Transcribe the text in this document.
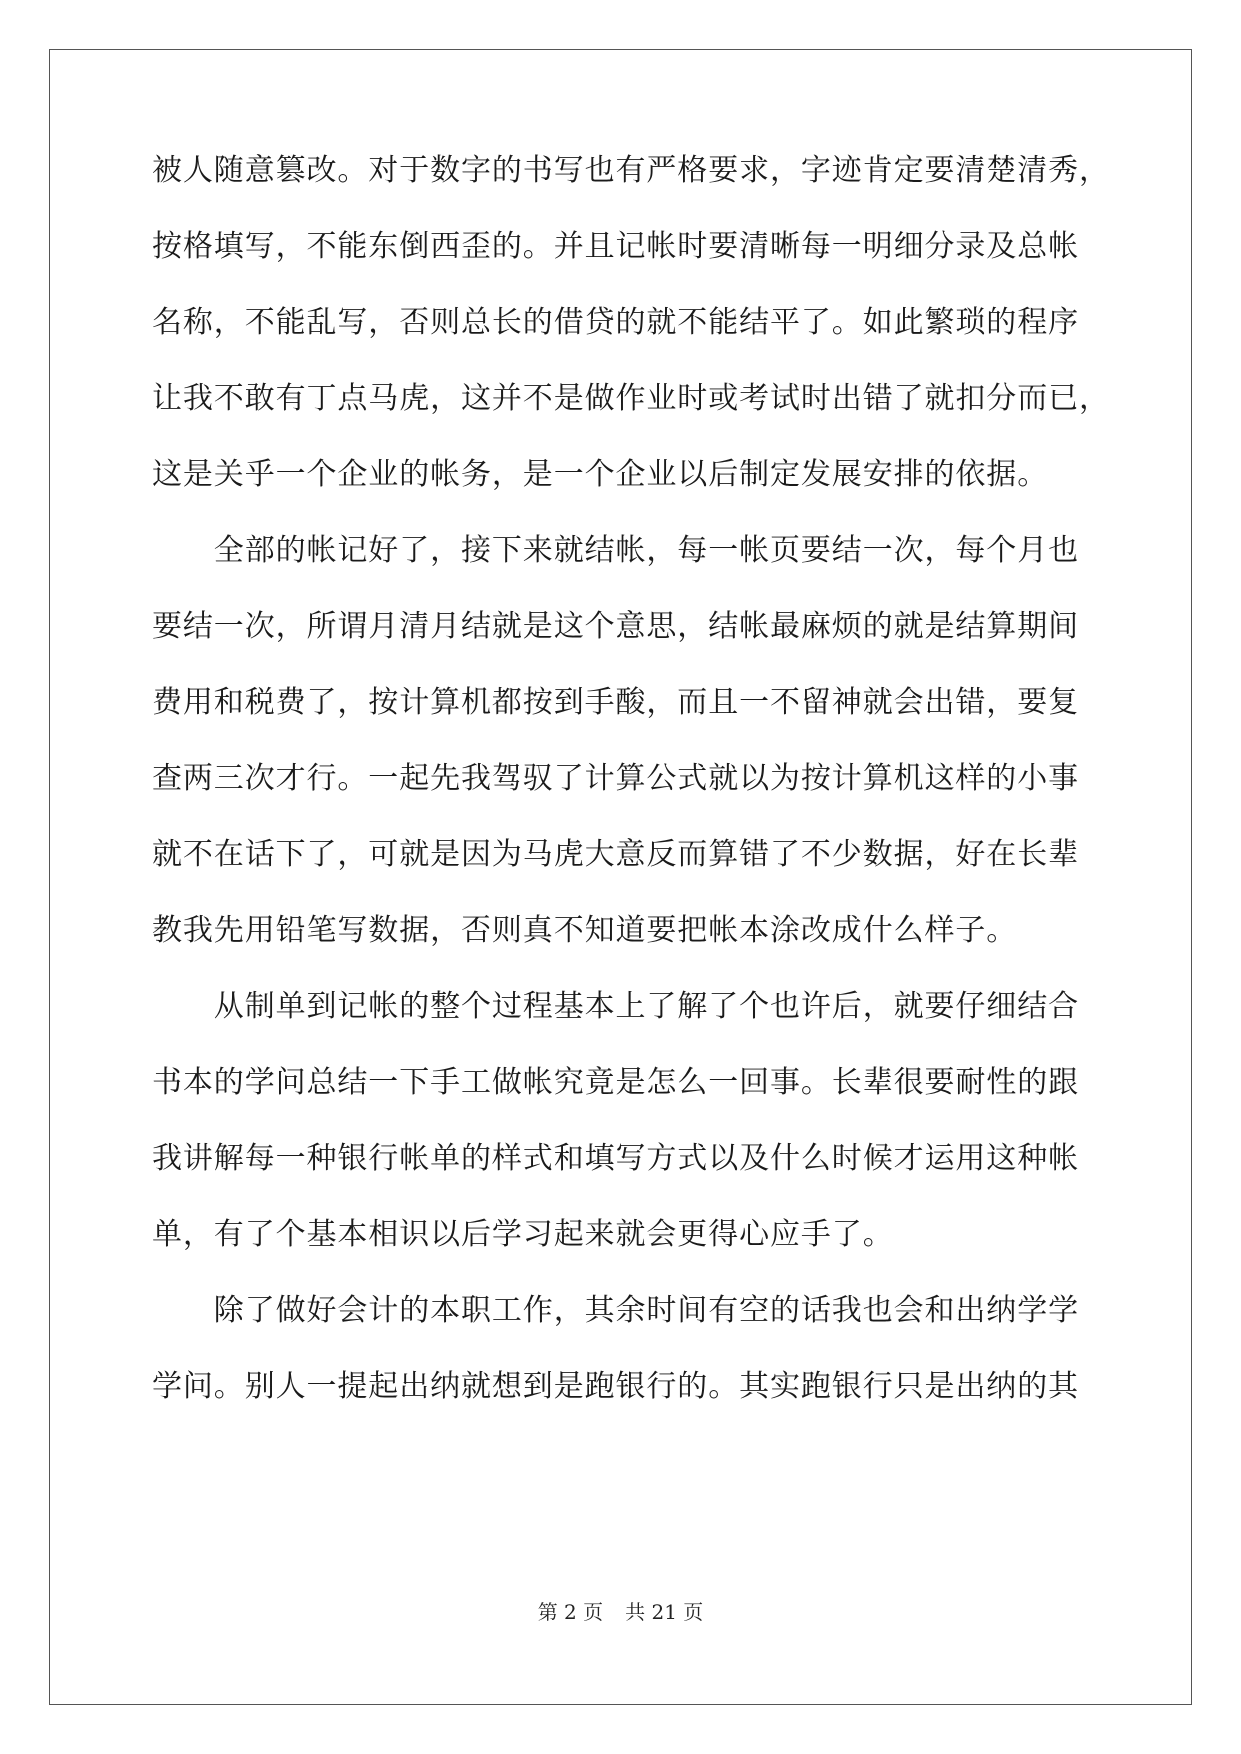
被人随意篡改。对于数字的书写也有严格要求，字迹肯定要清楚清秀，
按格填写，不能东倒西歪的。并且记帐时要清晰每一明细分录及总帐
名称，不能乱写，否则总长的借贷的就不能结平了。如此繁琐的程序
让我不敢有丁点马虎，这并不是做作业时或考试时出错了就扣分而已，
这是关乎一个企业的帐务，是一个企业以后制定发展安排的依据。
　　全部的帐记好了，接下来就结帐，每一帐页要结一次，每个月也
要结一次，所谓月清月结就是这个意思，结帐最麻烦的就是结算期间
费用和税费了，按计算机都按到手酸，而且一不留神就会出错，要复
查两三次才行。一起先我驾驭了计算公式就以为按计算机这样的小事
就不在话下了，可就是因为马虎大意反而算错了不少数据，好在长辈
教我先用铅笔写数据，否则真不知道要把帐本涂改成什么样子。
　　从制单到记帐的整个过程基本上了解了个也许后，就要仔细结合
书本的学问总结一下手工做帐究竟是怎么一回事。长辈很要耐性的跟
我讲解每一种银行帐单的样式和填写方式以及什么时候才运用这种帐
单，有了个基本相识以后学习起来就会更得心应手了。
　　除了做好会计的本职工作，其余时间有空的话我也会和出纳学学
学问。别人一提起出纳就想到是跑银行的。其实跑银行只是出纳的其
第 2 页 共 21 页
